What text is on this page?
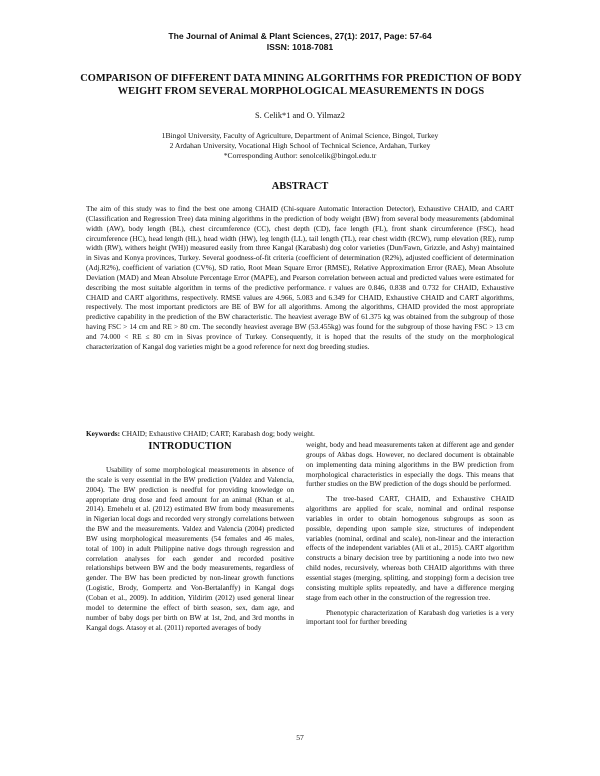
The Journal of Animal & Plant Sciences, 27(1): 2017, Page: 57-64
ISSN: 1018-7081
COMPARISON OF DIFFERENT DATA MINING ALGORITHMS FOR PREDICTION OF BODY WEIGHT FROM SEVERAL MORPHOLOGICAL MEASUREMENTS IN DOGS
S. Celik*1 and O. Yilmaz2
1Bingol University, Faculty of Agriculture, Department of Animal Science, Bingol, Turkey
2 Ardahan University, Vocational High School of Technical Science, Ardahan, Turkey
*Corresponding Author: senolcelik@bingol.edu.tr
ABSTRACT

The aim of this study was to find the best one among CHAID (Chi-square Automatic Interaction Detector), Exhaustive CHAID, and CART (Classification and Regression Tree) data mining algorithms in the prediction of body weight (BW) from several body measurements (abdominal width (AW), body length (BL), chest circumference (CC), chest depth (CD), face length (FL), front shank circumference (FSC), head circumference (HC), head length (HL), head width (HW), leg length (LL), tail length (TL), rear chest width (RCW), rump elevation (RE), rump width (RW), withers height (WH)) measured easily from three Kangal (Karabash) dog color varieties (Dun/Fawn, Grizzle, and Ashy) maintained in Sivas and Konya provinces, Turkey. Several goodness-of-fit criteria (coefficient of determination (R2%), adjusted coefficient of determination (Adj.R2%), coefficient of variation (CV%), SD ratio, Root Mean Square Error (RMSE), Relative Approximation Error (RAE), Mean Absolute Deviation (MAD) and Mean Absolute Percentage Error (MAPE), and Pearson correlation between actual and predicted values were estimated for describing the most suitable algorithm in terms of the predictive performance. r values are 0.846, 0.838 and 0.732 for CHAID, Exhaustive CHAID and CART algorithms, respectively. RMSE values are 4.966, 5.083 and 6.349 for CHAID, Exhaustive CHAID and CART algorithms, respectively. The most important predictors are BE of BW for all algorithms. Among the algorithms, CHAID provided the most appropriate predictive capability in the prediction of the BW characteristic. The heaviest average BW of 61.375 kg was obtained from the subgroup of those having FSC > 14 cm and RE > 80 cm. The secondly heaviest average BW (53.455kg) was found for the subgroup of those having FSC > 13 cm and 74.000 < RE ≤ 80 cm in Sivas province of Turkey. Consequently, it is hoped that the results of the study on the morphological characterization of Kangal dog varieties might be a good reference for next dog breeding studies.

Keywords: CHAID; Exhaustive CHAID; CART; Karabash dog; body weight.
INTRODUCTION

Usability of some morphological measurements in absence of the scale is very essential in the BW prediction (Valdez and Valencia, 2004). The BW prediction is needful for providing knowledge on appropriate drug dose and feed amount for an animal (Khan et al., 2014). Emehelu et al. (2012) estimated BW from body measurements in Nigerian local dogs and recorded very strongly correlations between the BW and the measurements. Valdez and Valencia (2004) predicted BW using morphological measurements (54 females and 46 males, total of 100) in adult Philippine native dogs through regression and correlation analyses for each gender and recorded positive relationships between BW and the body measurements, regardless of gender. The BW has been predicted by non-linear growth functions (Logistic, Brody, Gompertz and Von-Bertalanffy) in Kangal dogs (Coban et al., 2009). In addition, Yildirim (2012) used general linear model to determine the effect of birth season, sex, dam age, and number of baby dogs per birth on BW at 1st, 2nd, and 3rd months in Kangal dogs. Atasoy et al. (2011) reported averages of body

weight, body and head measurements taken at different age and gender groups of Akbas dogs. However, no declared document is obtainable on implementing data mining algorithms in the BW prediction from morphological characteristics in especially the dogs. This means that further studies on the BW prediction of the dogs should be performed.

The tree-based CART, CHAID, and Exhaustive CHAID algorithms are applied for scale, nominal and ordinal response variables in order to obtain homogenous subgroups as soon as possible, depending upon sample size, structures of independent variables (nominal, ordinal and scale), non-linear and the interaction effects of the independent variables (Ali et al., 2015). CART algorithm constructs a binary decision tree by partitioning a node into two new child nodes, recursively, whereas both CHAID algorithms with three essential stages (merging, splitting, and stopping) form a decision tree consisting multiple splits repeatedly, and have a difference merging stage from each other in the construction of the regression tree.

Phenotypic characterization of Karabash dog varieties is a very important tool for further breeding

57
